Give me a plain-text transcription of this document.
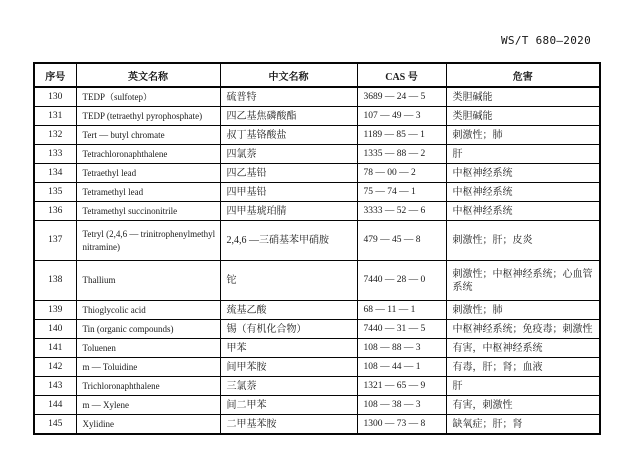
WS/T 680—2020
序号	英文名称	中文名称	CAS 号	危害
130	TEDP（sulfotep）	硫普特	3689 — 24 — 5	类胆碱能
131	TEDP (tetraethyl pyrophosphate)	四乙基焦磷酸酯	107 — 49 — 3	类胆碱能
132	Tert — butyl chromate	叔丁基铬酸盐	1189 — 85 — 1	刺激性；肺
133	Tetrachloronaphthalene	四氯萘	1335 — 88 — 2	肝
134	Tetraethyl lead	四乙基铅	78 — 00 — 2	中枢神经系统
135	Tetramethyl lead	四甲基铅	75 — 74 — 1	中枢神经系统
136	Tetramethyl succinonitrile	四甲基琥珀腈	3333 — 52 — 6	中枢神经系统
137	Tetryl (2,4,6 — trinitrophenylmethyl nitramine)	2,4,6 —三硝基苯甲硝胺	479 — 45 — 8	刺激性；肝；皮炎
138	Thallium	铊	7440 — 28 — 0	刺激性；中枢神经系统；心血管系统
139	Thioglycolic acid	巯基乙酸	68 — 11 — 1	刺激性；肺
140	Tin (organic compounds)	锡（有机化合物）	7440 — 31 — 5	中枢神经系统；免疫毒；刺激性
141	Toluenen	甲苯	108 — 88 — 3	有害，中枢神经系统
142	m — Toluidine	间甲苯胺	108 — 44 — 1	有毒，肝；肾；血液
143	Trichloronaphthalene	三氯萘	1321 — 65 — 9	肝
144	m — Xylene	间二甲苯	108 — 38 — 3	有害，刺激性
145	Xylidine	二甲基苯胺	1300 — 73 — 8	缺氧症；肝；肾
